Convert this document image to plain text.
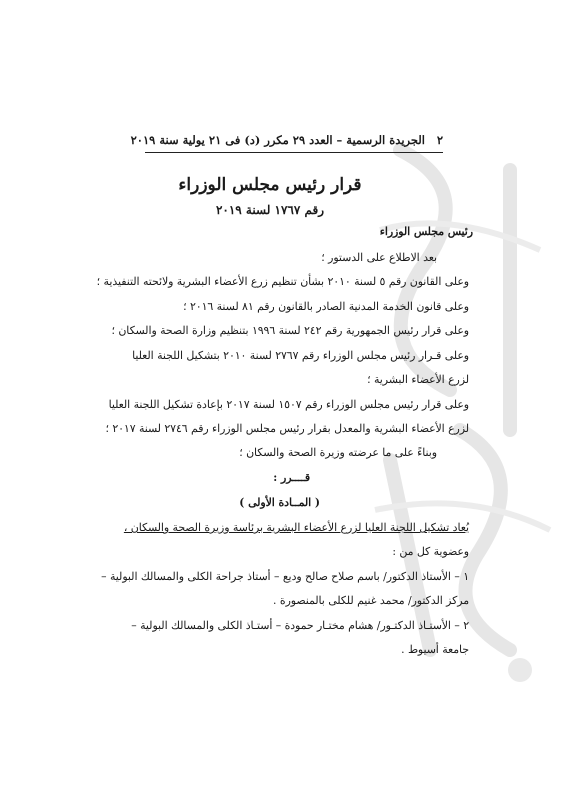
٢
الجريدة الرسمية – العدد ٢٩ مكرر (د) فى ٢١ يولية سنة ٢٠١٩
قرار رئيس مجلس الوزراء
رقم ١٧٦٧ لسنة ٢٠١٩
رئيس مجلس الوزراء
بعد الاطلاع على الدستور ؛
وعلى القانون رقم ٥ لسنة ٢٠١٠ بشأن تنظيم زرع الأعضاء البشرية ولائحته التنفيذية ؛
وعلى قانون الخدمة المدنية الصادر بالقانون رقم ٨١ لسنة ٢٠١٦ ؛
وعلى قرار رئيس الجمهورية رقم ٢٤٢ لسنة ١٩٩٦ بتنظيم وزارة الصحة والسكان ؛
وعلى قـرار رئيس مجلس الوزراء رقم ٢٧٦٧ لسنة ٢٠١٠ بتشكيل اللجنة العليا
لزرع الأعضاء البشرية ؛
وعلى قرار رئيس مجلس الوزراء رقم ١٥٠٧ لسنة ٢٠١٧ بإعادة تشكيل اللجنة العليا
لزرع الأعضاء البشرية والمعدل بقرار رئيس مجلس الوزراء رقم ٢٧٤٦ لسنة ٢٠١٧ ؛
وبناءً على ما عرضته وزيرة الصحة والسكان ؛
قــــرر :
( المــادة الأولى )
يُعاد تشكيل اللجنة العليا لزرع الأعضاء البشرية برئاسة وزيرة الصحة والسكان ،
وعضوية كل من :
١ – الأستاذ الدكتور/ باسم صلاح صالح وديع – أستاذ جراحة الكلى والمسالك البولية –
مركز الدكتور/ محمد غنيم للكلى بالمنصورة .
٢ – الأستـاذ الدكتـور/ هشام مختـار حمودة – أستـاذ الكلى والمسالك البولية –
جامعة أسيوط .
